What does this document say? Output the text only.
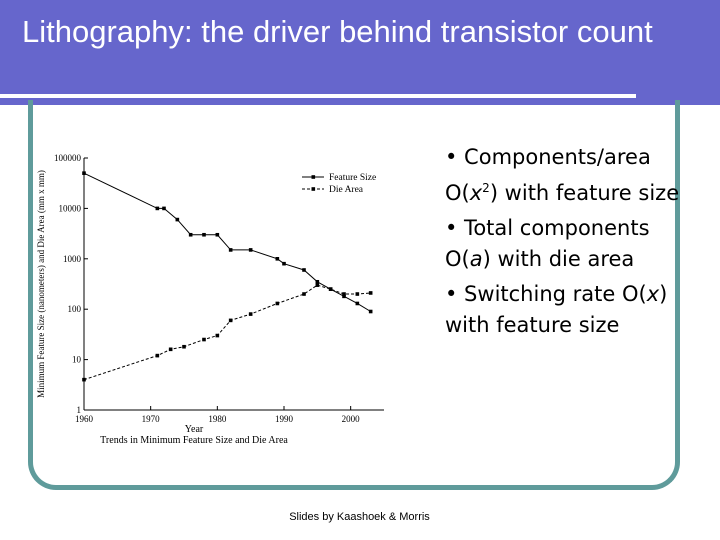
Lithography: the driver behind transistor count
1
10
100
1000
10000
100000
1960	1970	1980	1990	2000
Year
Trends in Minimum Feature Size and Die Area
Minimum Feature Size (nanometers) and Die Area (mm x mm)	Feature Size
Die Area
• Components/area $O(x^2)$ with feature size
• Total components O(a) with die area
• Switching rate O(x) with feature size
Slides by Kaashoek & Morris
